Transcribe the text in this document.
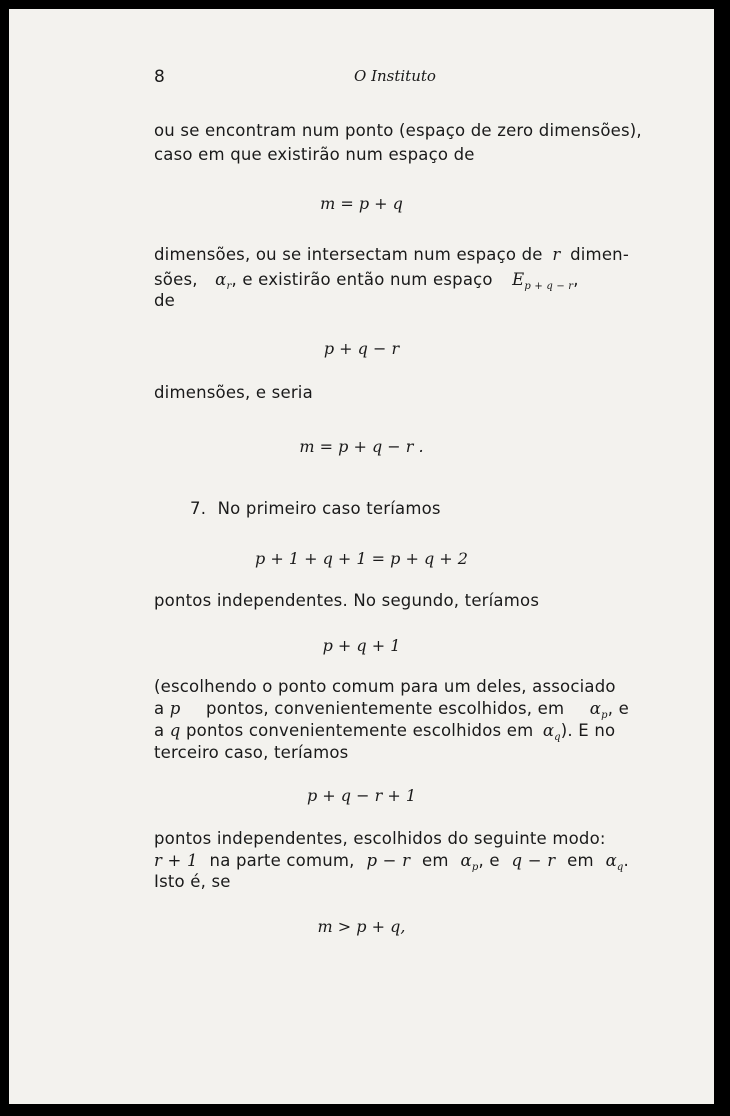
8	O Instituto
ou se encontram num ponto (espaço de zero dimensões),
caso em que existirão num espaço de
m = p + q
dimensões, ou se intersectam num espaço de r dimen-
sões, $\alpha_r$, e existirão então num espaço $E_{p + q - r}$,
de
p + q − r
dimensões, e seria
m = p + q − r .
7. No primeiro caso teríamos
p + 1 + q + 1 = p + q + 2
pontos independentes. No segundo, teríamos
p + q + 1
(escolhendo o ponto comum para um deles, associado
a p pontos, convenientemente escolhidos, em $\alpha_p$, e
a q pontos convenientemente escolhidos em $\alpha_q$). E no
terceiro caso, teríamos
p + q − r + 1
pontos independentes, escolhidos do seguinte modo:
r + 1 na parte comum, p − r em $\alpha_p$, e q − r em $\alpha_q$.
Isto é, se
m > p + q,
